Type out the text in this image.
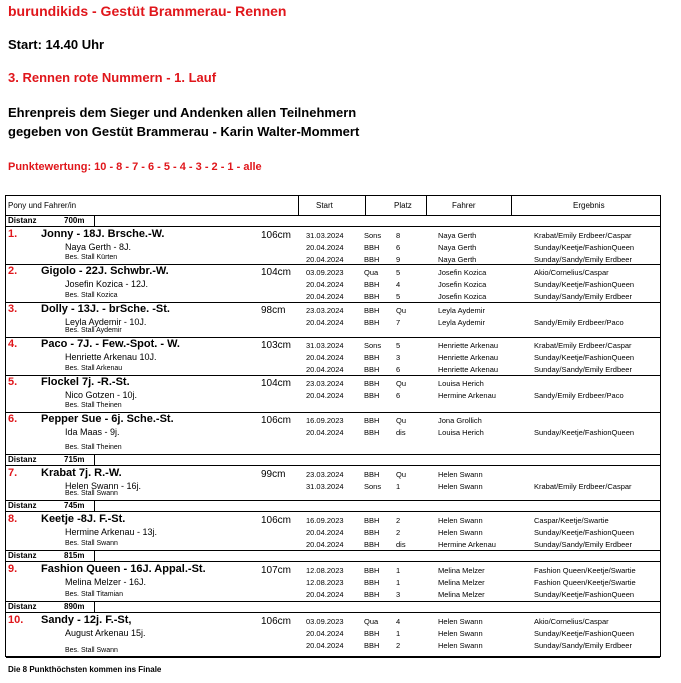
burundikids - Gestüt Brammerau- Rennen
Start: 14.40 Uhr
3. Rennen rote Nummern - 1. Lauf
Ehrenpreis dem Sieger und Andenken allen Teilnehmern
gegeben von Gestüt Brammerau - Karin Walter-Mommert
Punktewertung: 10 - 8 - 7 - 6 - 5 - 4 - 3 - 2 - 1 - alle
Pony und Fahrer/in	Start	Platz	Fahrer	Ergebnis
Distanz	700m
1. Jonny - 18J. Brsche.-W.	106cm
Naya Gerth - 8J.
Bes. Stall Kürten
31.03.2024	Sons 8	Naya Gerth	Krabat/Emily Erdbeer/Caspar
20.04.2024	BBH 6	Naya Gerth	Sunday/Keetje/FashionQueen
20.04.2024	BBH 9	Naya Gerth	Sunday/Sandy/Emily Erdbeer
2. Gigolo - 22J. Schwbr.-W.	104cm
Josefin Kozica - 12J.
Bes. Stall Kozica
03.09.2023	Qua 5	Josefin Kozica	Akio/Cornelius/Caspar
20.04.2024	BBH 4	Josefin Kozica	Sunday/Keetje/FashionQueen
20.04.2024	BBH 5	Josefin Kozica	Sunday/Sandy/Emily Erdbeer
3. Dolly - 13J. - brSche. -St.	98cm
Leyla Aydemir - 10J.
Bes. Stall Aydemir
23.03.2024	BBH Qu	Leyla Aydemir
20.04.2024	BBH 7	Leyla Aydemir	Sandy/Emily Erdbeer/Paco
4. Paco - 7J. - Few.-Spot. - W.	103cm
Henriette Arkenau 10J.
Bes. Stall Arkenau
31.03.2024	Sons 5	Henriette Arkenau	Krabat/Emily Erdbeer/Caspar
20.04.2024	BBH 3	Henriette Arkenau	Sunday/Keetje/FashionQueen
20.04.2024	BBH 6	Henriette Arkenau	Sunday/Sandy/Emily Erdbeer
5. Flockel 7j. -R.-St.	104cm
Nico Gotzen - 10j.
Bes. Stall Theinen
23.03.2024	BBH Qu	Louisa Herich
20.04.2024	BBH 6	Hermine Arkenau	Sandy/Emily Erdbeer/Paco
6. Pepper Sue - 6j. Sche.-St.	106cm
Ida Maas - 9j.
Bes. Stall Theinen
16.09.2023	BBH Qu	Jona Grollich
20.04.2024	BBH dis	Louisa Herich	Sunday/Keetje/FashionQueen
Distanz	715m
7. Krabat 7j. R.-W.	99cm
Helen Swann - 16j.
Bes. Stall Swann
23.03.2024	BBH Qu	Helen Swann
31.03.2024	Sons 1	Helen Swann	Krabat/Emily Erdbeer/Caspar
Distanz	745m
8. Keetje -8J. F.-St.	106cm
Hermine Arkenau - 13j.
Bes. Stall Swann
16.09.2023	BBH 2	Helen Swann	Caspar/Keetje/Swartie
20.04.2024	BBH 2	Helen Swann	Sunday/Keetje/FashionQueen
20.04.2024	BBH dis	Hermine Arkenau	Sunday/Sandy/Emily Erdbeer
Distanz	815m
9. Fashion Queen - 16J. Appal.-St.	107cm
Melina Melzer - 16J.
Bes. Stall Titamian
12.08.2023	BBH 1	Melina Melzer	Fashion Queen/Keetje/Swartie
12.08.2023	BBH 1	Melina Melzer	Fashion Queen/Keetje/Swartie
20.04.2024	BBH 3	Melina Melzer	Sunday/Keetje/FashionQueen
Distanz	890m
10. Sandy - 12j. F.-St,	106cm
August Arkenau 15j.
Bes. Stall Swann
03.09.2023	Qua 4	Helen Swann	Akio/Cornelius/Caspar
20.04.2024	BBH 1	Helen Swann	Sunday/Keetje/FashionQueen
20.04.2024	BBH 2	Helen Swann	Sunday/Sandy/Emily Erdbeer
Die 8 Punkthöchsten kommen ins Finale
